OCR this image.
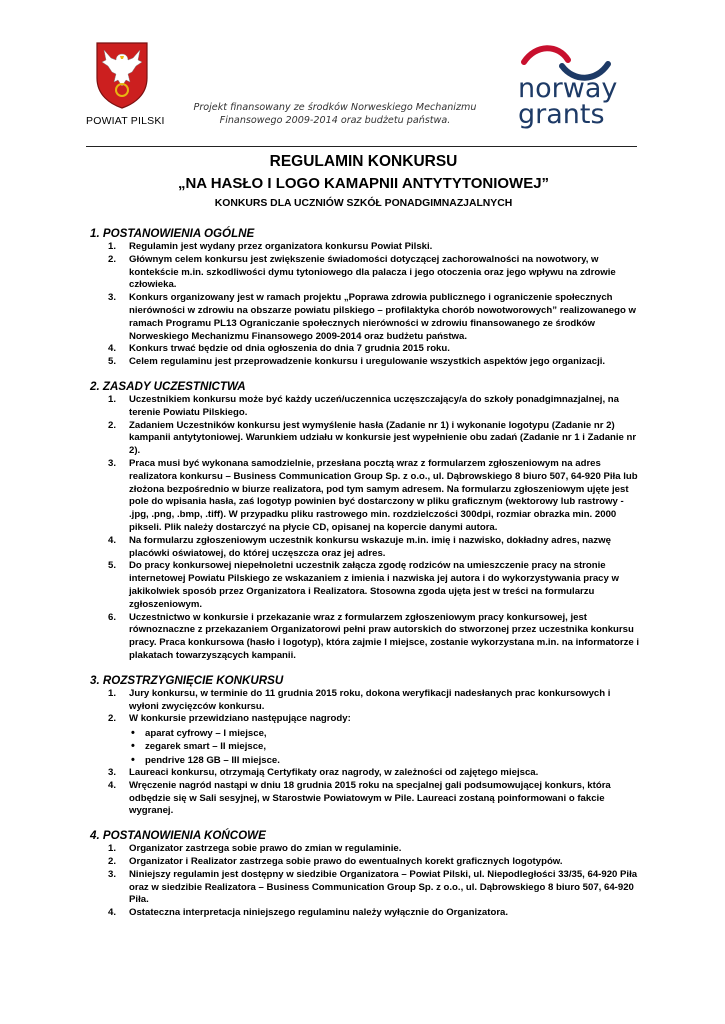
POWIAT PILSKI
Projekt finansowany ze środków Norweskiego Mechanizmu
Finansowego 2009-2014 oraz budżetu państwa.
norway
grants
REGULAMIN KONKURSU
„NA HASŁO I LOGO KAMAPNII ANTYTYTONIOWEJ”
KONKURS DLA UCZNIÓW SZKÓŁ PONADGIMNAZJALNYCH
1. POSTANOWIENIA OGÓLNE
1. Regulamin jest wydany przez organizatora konkursu Powiat Pilski.
2. Głównym celem konkursu jest zwiększenie świadomości dotyczącej zachorowalności na nowotwory, w kontekście m.in. szkodliwości dymu tytoniowego dla palacza i jego otoczenia oraz jego wpływu na zdrowie człowieka.
3. Konkurs organizowany jest w ramach projektu „Poprawa zdrowia publicznego i ograniczenie społecznych nierówności w zdrowiu na obszarze powiatu pilskiego – profilaktyka chorób nowotworowych” realizowanego w ramach Programu PL13 Ograniczanie społecznych nierówności w zdrowiu finansowanego ze środków Norweskiego Mechanizmu Finansowego 2009-2014 oraz budżetu państwa.
4. Konkurs trwać będzie od dnia ogłoszenia do dnia 7 grudnia 2015 roku.
5. Celem regulaminu jest przeprowadzenie konkursu i uregulowanie wszystkich aspektów jego organizacji.
2. ZASADY UCZESTNICTWA
1. Uczestnikiem konkursu może być każdy uczeń/uczennica uczęszczający/a do szkoły ponadgimnazjalnej, na terenie Powiatu Pilskiego.
2. Zadaniem Uczestników konkursu jest wymyślenie hasła (Zadanie nr 1) i wykonanie logotypu (Zadanie nr 2) kampanii antytytoniowej. Warunkiem udziału w konkursie jest wypełnienie obu zadań (Zadanie nr 1 i Zadanie nr 2).
3. Praca musi być wykonana samodzielnie, przesłana pocztą wraz z formularzem zgłoszeniowym na adres realizatora konkursu – Business Communication Group Sp. z o.o., ul. Dąbrowskiego 8 biuro 507, 64-920 Piła lub złożona bezpośrednio w biurze realizatora, pod tym samym adresem. Na formularzu zgłoszeniowym ujęte jest pole do wpisania hasła, zaś logotyp powinien być dostarczony w pliku graficznym (wektorowy lub rastrowy - .jpg, .png, .bmp, .tiff). W przypadku pliku rastrowego min. rozdzielczości 300dpi, rozmiar obrazka min. 2000 pikseli. Plik należy dostarczyć na płycie CD, opisanej na kopercie danymi autora.
4. Na formularzu zgłoszeniowym uczestnik konkursu wskazuje m.in. imię i nazwisko, dokładny adres, nazwę placówki oświatowej, do której uczęszcza oraz jej adres.
5. Do pracy konkursowej niepełnoletni uczestnik załącza zgodę rodziców na umieszczenie pracy na stronie internetowej Powiatu Pilskiego ze wskazaniem z imienia i nazwiska jej autora i do wykorzystywania pracy w jakikolwiek sposób przez Organizatora i Realizatora. Stosowna zgoda ujęta jest w treści na formularzu zgłoszeniowym.
6. Uczestnictwo w konkursie i przekazanie wraz z formularzem zgłoszeniowym pracy konkursowej, jest równoznaczne z przekazaniem Organizatorowi pełni praw autorskich do stworzonej przez uczestnika konkursu pracy. Praca konkursowa (hasło i logotyp), która zajmie I miejsce, zostanie wykorzystana m.in. na informatorze i plakatach towarzyszących kampanii.
3. ROZSTRZYGNIĘCIE KONKURSU
1. Jury konkursu, w terminie do 11 grudnia 2015 roku, dokona weryfikacji nadesłanych prac konkursowych i wyłoni zwycięzców konkursu.
2. W konkursie przewidziano następujące nagrody:
• aparat cyfrowy – I miejsce,
• zegarek smart – II miejsce,
• pendrive 128 GB – III miejsce.
3. Laureaci konkursu, otrzymają Certyfikaty oraz nagrody, w zależności od zajętego miejsca.
4. Wręczenie nagród nastąpi w dniu 18 grudnia 2015 roku na specjalnej gali podsumowującej konkurs, która odbędzie się w Sali sesyjnej, w Starostwie Powiatowym w Pile. Laureaci zostaną poinformowani o fakcie wygranej.
4. POSTANOWIENIA KOŃCOWE
1. Organizator zastrzega sobie prawo do zmian w regulaminie.
2. Organizator i Realizator zastrzega sobie prawo do ewentualnych korekt graficznych logotypów.
3. Niniejszy regulamin jest dostępny w siedzibie Organizatora – Powiat Pilski, ul. Niepodległości 33/35, 64-920 Piła oraz w siedzibie Realizatora – Business Communication Group Sp. z o.o., ul. Dąbrowskiego 8 biuro 507, 64-920 Piła.
4. Ostateczna interpretacja niniejszego regulaminu należy wyłącznie do Organizatora.
